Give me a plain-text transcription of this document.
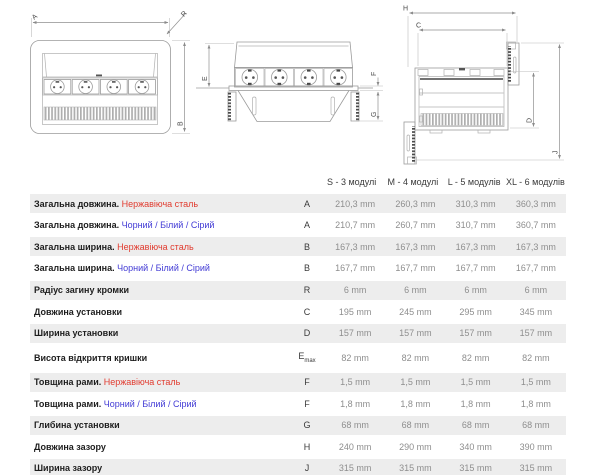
A	R
B
E
F
G
H
C
D
J
S - 3 модулі	M - 4 модулі	L - 5 модулів XL - 6 модулів
Загальна довжина. Нержавіюча сталь	A	210,3 mm	260,3 mm	310,3 mm	360,3 mm
Загальна довжина. Чорний / Білий / Сірий	A	210,7 mm	260,7 mm	310,7 mm	360,7 mm
Загальна ширина. Нержавіюча сталь	B	167,3 mm	167,3 mm	167,3 mm	167,3 mm
Загальна ширина. Чорний / Білий / Сірий	B	167,7 mm	167,7 mm	167,7 mm	167,7 mm
Радіус загину кромки	R	6 mm	6 mm	6 mm	6 mm
Довжина установки	C	195 mm	245 mm	295 mm	345 mm
Ширина установки	D	157 mm	157 mm	157 mm	157 mm
Висота відкриття кришки	$E_{max}$	82 mm	82 mm	82 mm	82 mm
Товщина рами. Нержавіюча сталь	F	1,5 mm	1,5 mm	1,5 mm	1,5 mm
Товщина рами. Чорний / Білий / Сірий	F	1,8 mm	1,8 mm	1,8 mm	1,8 mm
Глибина установки	G	68 mm	68 mm	68 mm	68 mm
Довжина зазору	H	240 mm	290 mm	340 mm	390 mm
Ширина зазору	J	315 mm	315 mm	315 mm	315 mm
